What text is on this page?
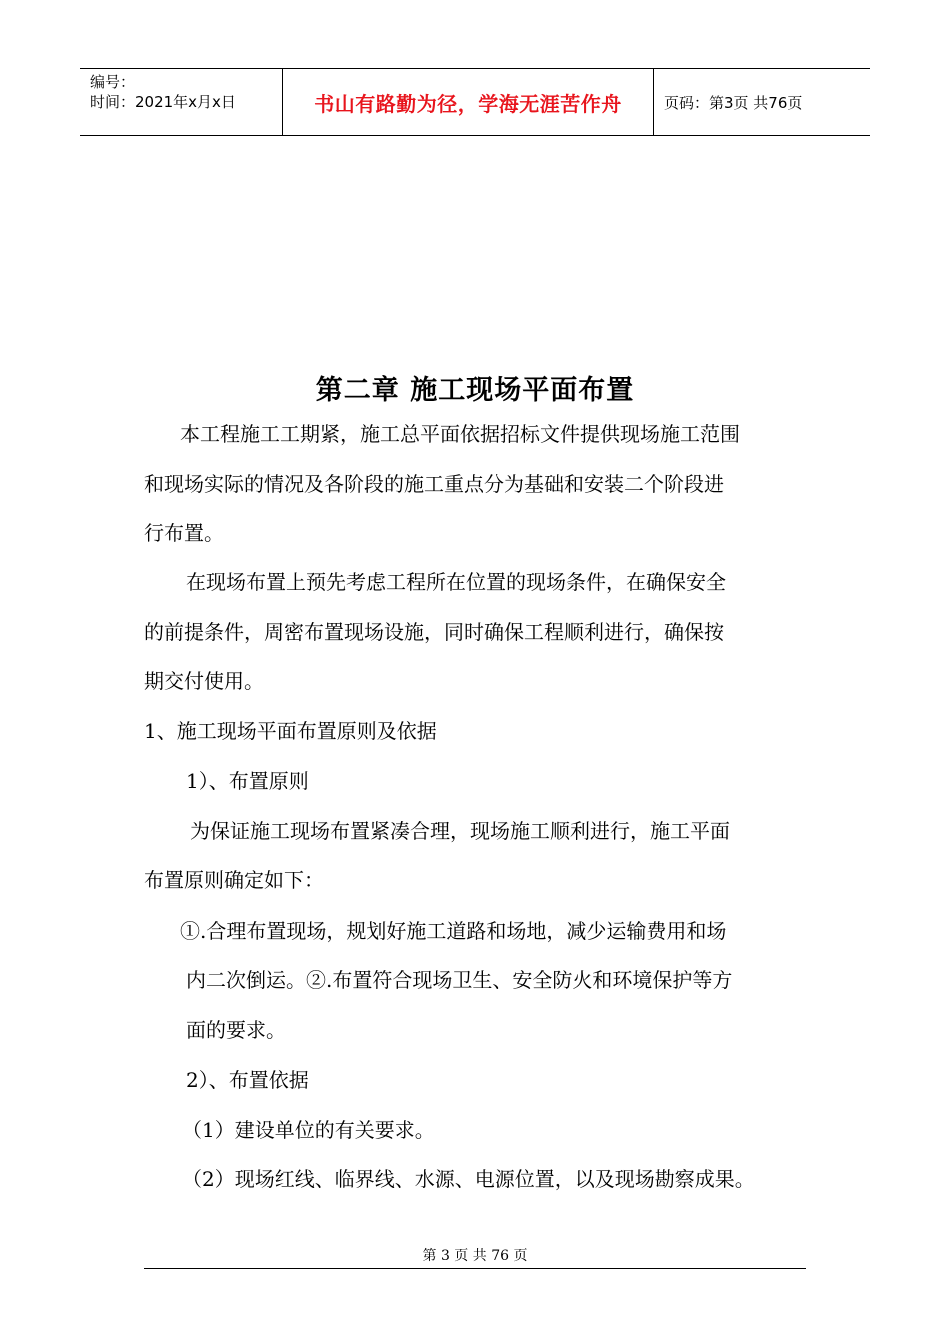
编号：
时间：2021年x月x日	书山有路勤为径，学海无涯苦作舟	页码：第3页 共76页
第二章 施工现场平面布置
本工程施工工期紧，施工总平面依据招标文件提供现场施工范围
和现场实际的情况及各阶段的施工重点分为基础和安装二个阶段进
行布置。
在现场布置上预先考虑工程所在位置的现场条件，在确保安全
的前提条件，周密布置现场设施，同时确保工程顺利进行，确保按
期交付使用。
1、施工现场平面布置原则及依据
1）、布置原则
为保证施工现场布置紧凑合理，现场施工顺利进行，施工平面
布置原则确定如下：
①.合理布置现场，规划好施工道路和场地，减少运输费用和场
内二次倒运。②.布置符合现场卫生、安全防火和环境保护等方
面的要求。
2）、布置依据
（1）建设单位的有关要求。
（2）现场红线、临界线、水源、电源位置，以及现场勘察成果。
第 3 页 共 76 页
